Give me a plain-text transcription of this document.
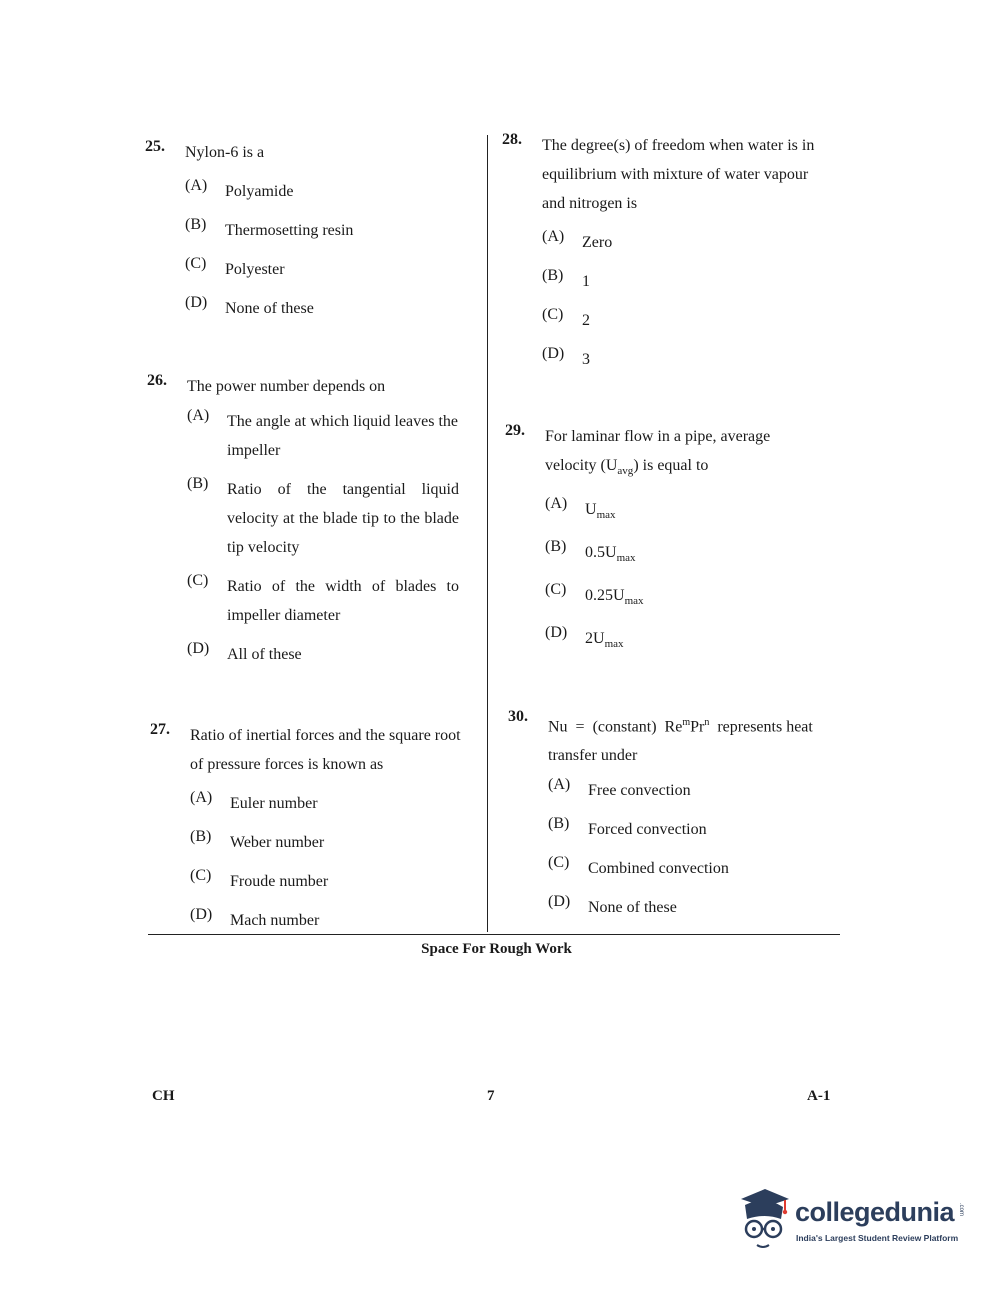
25. Nylon-6 is a
(A) Polyamide
(B) Thermosetting resin
(C) Polyester
(D) None of these
26. The power number depends on
(A) The angle at which liquid leaves the impeller
(B) Ratio of the tangential liquid velocity at the blade tip to the blade tip velocity
(C) Ratio of the width of blades to impeller diameter
(D) All of these
27. Ratio of inertial forces and the square root of pressure forces is known as
(A) Euler number
(B) Weber number
(C) Froude number
(D) Mach number
28. The degree(s) of freedom when water is in equilibrium with mixture of water vapour and nitrogen is
(A) Zero
(B) 1
(C) 2
(D) 3
29. For laminar flow in a pipe, average velocity $(U_{avg})$ is equal to
(A) $U_{max}$
(B) $0.5U_{max}$
(C) $0.25U_{max}$
(D) $2U_{max}$
30.
Nu  =  (constant)  Re$^m$Pr$^n$  represents heat transfer under
(A) Free convection
(B) Forced convection
(C) Combined convection
(D) None of these
Space For Rough Work
CH	7	A-1
collegedunia .com
India's Largest Student Review Platform
